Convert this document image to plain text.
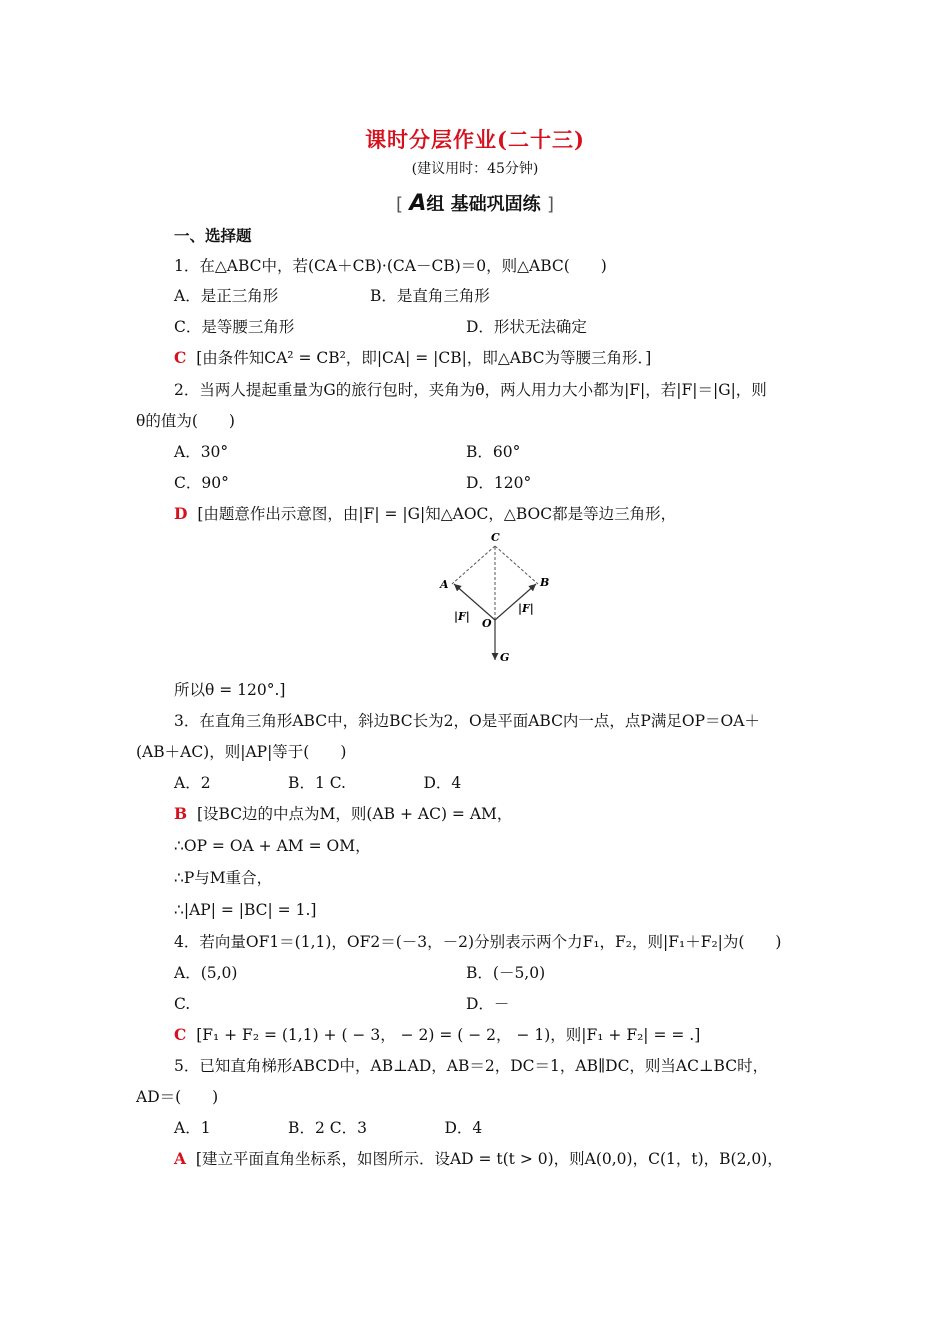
课时分层作业(二十三)
(建议用时：45分钟)
[ A组 基础巩固练 ]
一、选择题
1．在△ABC中，若(CA＋CB)·(CA－CB)＝0，则△ABC(　　)
A．是正三角形	B．是直角三角形
C．是等腰三角形	D．形状无法确定
C [由条件知CA² = CB²，即|CA| = |CB|，即△ABC为等腰三角形．]
2．当两人提起重量为G的旅行包时，夹角为θ，两人用力大小都为|F|，若|F|＝|G|，则
θ的值为(　　)
A．30°	B．60°
C．90°	D．120°
D [由题意作出示意图，由|F| = |G|知△AOC，△BOC都是等边三角形，
C
A	B
O
G
|F|
|F|
所以θ = 120°.]
3．在直角三角形ABC中，斜边BC长为2，O是平面ABC内一点，点P满足OP＝OA＋
(AB＋AC)，则|AP|等于(　　)
A．2　　　　　B．1 C.　　　　　D．4
B [设BC边的中点为M，则(AB + AC) = AM，
∴OP = OA + AM = OM，
∴P与M重合，
∴|AP| = |BC| = 1.]
4．若向量OF1＝(1,1)，OF2＝(－3，－2)分别表示两个力F₁，F₂，则|F₁＋F₂|为(　　)
A．(5,0)	B．(－5,0)
C.	D．－
C [F₁ + F₂ = (1,1) + ( − 3， − 2) = ( − 2， − 1)，则|F₁ + F₂| = = .]
5．已知直角梯形ABCD中，AB⊥AD，AB＝2，DC＝1，AB∥DC，则当AC⊥BC时，
AD＝(　　)
A．1　　　　　B．2 C．3　　　　　D．4
A [建立平面直角坐标系，如图所示．设AD = t(t > 0)，则A(0,0)，C(1，t)，B(2,0)，
